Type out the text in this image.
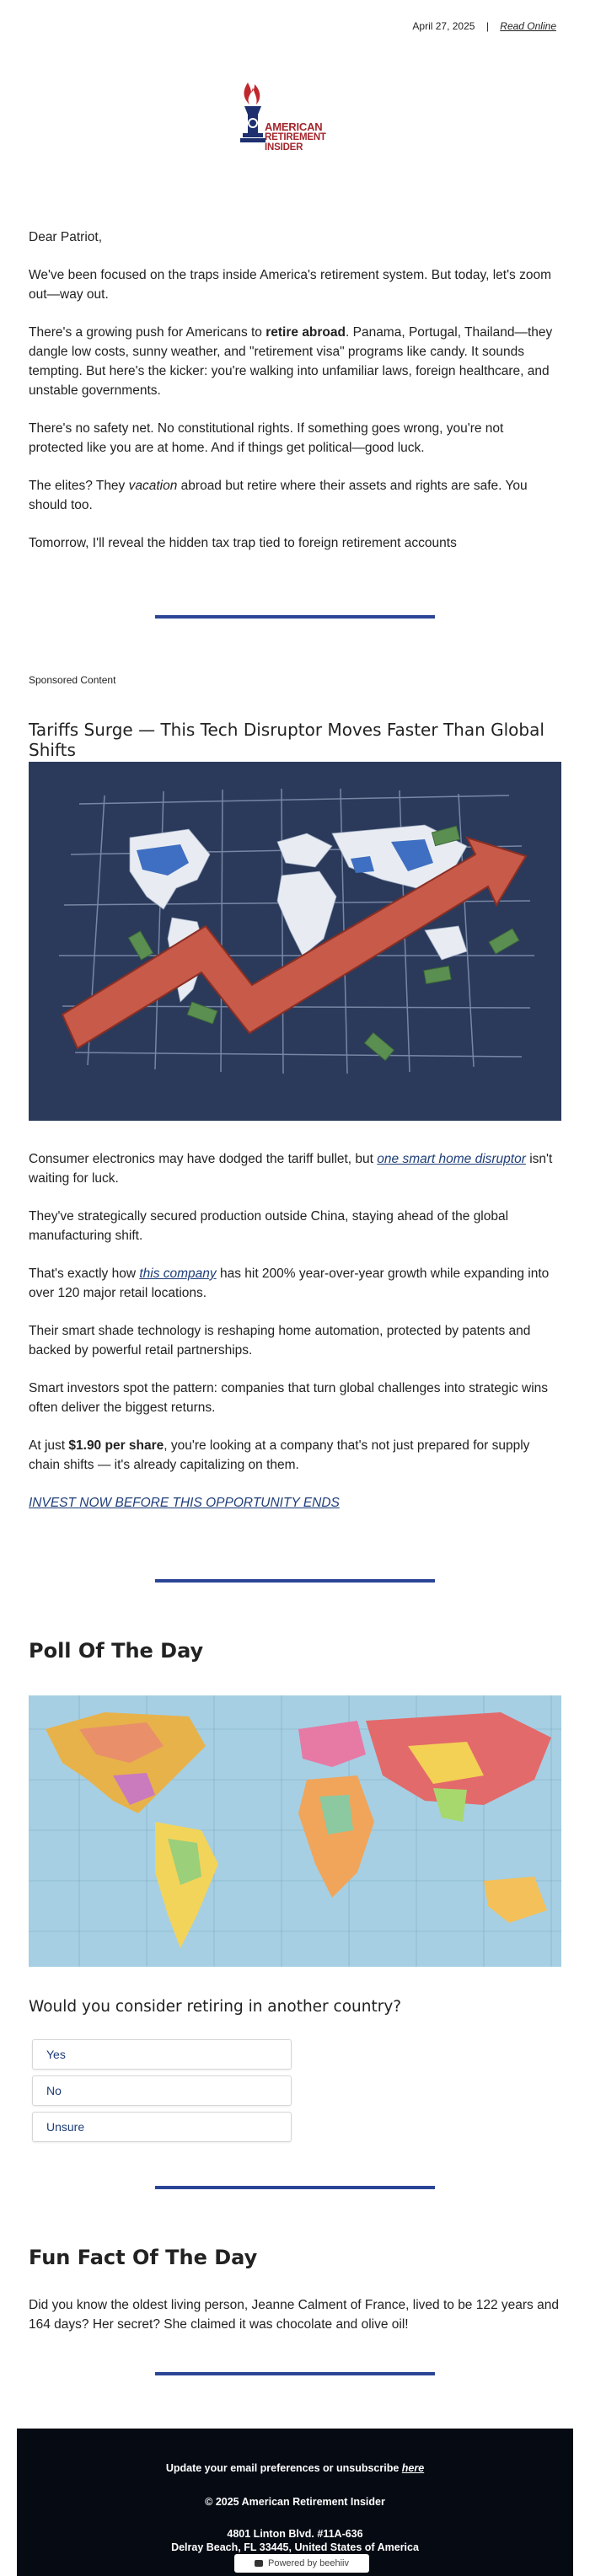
April 27, 2025 | Read Online
AMERICAN
RETIREMENT INSIDER

Dear Patriot,

We've been focused on the traps inside America's retirement system. But today, let's zoom out—way out.

There's a growing push for Americans to retire abroad. Panama, Portugal, Thailand—they dangle low costs, sunny weather, and "retirement visa" programs like candy. It sounds tempting. But here's the kicker: you're walking into unfamiliar laws, foreign healthcare, and unstable governments.

There's no safety net. No constitutional rights. If something goes wrong, you're not protected like you are at home. And if things get political—good luck.

The elites? They vacation abroad but retire where their assets and rights are safe. You should too.

Tomorrow, I'll reveal the hidden tax trap tied to foreign retirement accounts

Sponsored Content
Tariffs Surge — This Tech Disruptor Moves Faster Than Global Shifts

Consumer electronics may have dodged the tariff bullet, but one smart home disruptor isn't waiting for luck.

They've strategically secured production outside China, staying ahead of the global manufacturing shift.

That's exactly how this company has hit 200% year-over-year growth while expanding into over 120 major retail locations.

Their smart shade technology is reshaping home automation, protected by patents and backed by powerful retail partnerships.

Smart investors spot the pattern: companies that turn global challenges into strategic wins often deliver the biggest returns.

At just $1.90 per share, you're looking at a company that's not just prepared for supply chain shifts — it's already capitalizing on them.

INVEST NOW BEFORE THIS OPPORTUNITY ENDS

Poll Of The Day
Would you consider retiring in another country?
Yes
No
Unsure
Fun Fact Of The Day

Did you know the oldest living person, Jeanne Calment of France, lived to be 122 years and 164 days? Her secret? She claimed it was chocolate and olive oil!

Update your email preferences or unsubscribe here
© 2025 American Retirement Insider
4801 Linton Blvd. #11A-636
Delray Beach, FL 33445, United States of America
Powered by beehiiv
